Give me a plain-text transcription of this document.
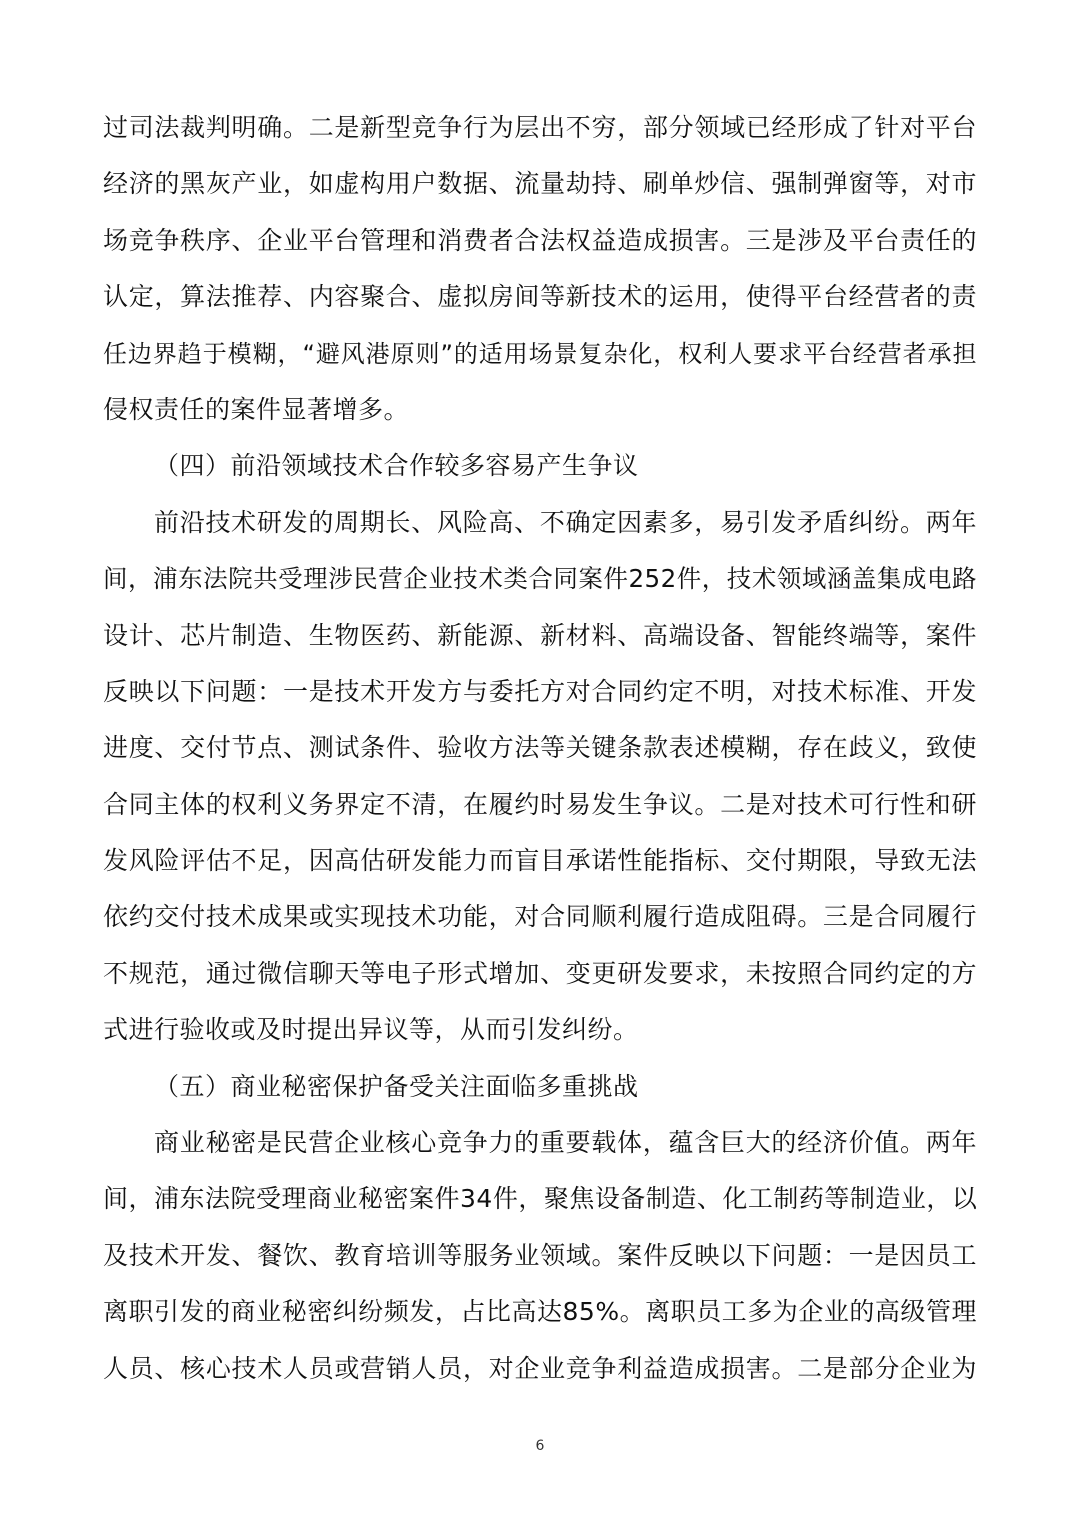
过司法裁判明确。二是新型竞争行为层出不穷，部分领域已经形成了针对平台
经济的黑灰产业，如虚构用户数据、流量劫持、刷单炒信、强制弹窗等，对市
场竞争秩序、企业平台管理和消费者合法权益造成损害。三是涉及平台责任的
认定，算法推荐、内容聚合、虚拟房间等新技术的运用，使得平台经营者的责
任边界趋于模糊，“避风港原则”的适用场景复杂化，权利人要求平台经营者承担
侵权责任的案件显著增多。
（四）前沿领域技术合作较多容易产生争议
前沿技术研发的周期长、风险高、不确定因素多，易引发矛盾纠纷。两年
间，浦东法院共受理涉民营企业技术类合同案件252件，技术领域涵盖集成电路
设计、芯片制造、生物医药、新能源、新材料、高端设备、智能终端等，案件
反映以下问题：一是技术开发方与委托方对合同约定不明，对技术标准、开发
进度、交付节点、测试条件、验收方法等关键条款表述模糊，存在歧义，致使
合同主体的权利义务界定不清，在履约时易发生争议。二是对技术可行性和研
发风险评估不足，因高估研发能力而盲目承诺性能指标、交付期限，导致无法
依约交付技术成果或实现技术功能，对合同顺利履行造成阻碍。三是合同履行
不规范，通过微信聊天等电子形式增加、变更研发要求，未按照合同约定的方
式进行验收或及时提出异议等，从而引发纠纷。
（五）商业秘密保护备受关注面临多重挑战
商业秘密是民营企业核心竞争力的重要载体，蕴含巨大的经济价值。两年
间，浦东法院受理商业秘密案件34件，聚焦设备制造、化工制药等制造业，以
及技术开发、餐饮、教育培训等服务业领域。案件反映以下问题：一是因员工
离职引发的商业秘密纠纷频发，占比高达85%。离职员工多为企业的高级管理
人员、核心技术人员或营销人员，对企业竞争利益造成损害。二是部分企业为
6
